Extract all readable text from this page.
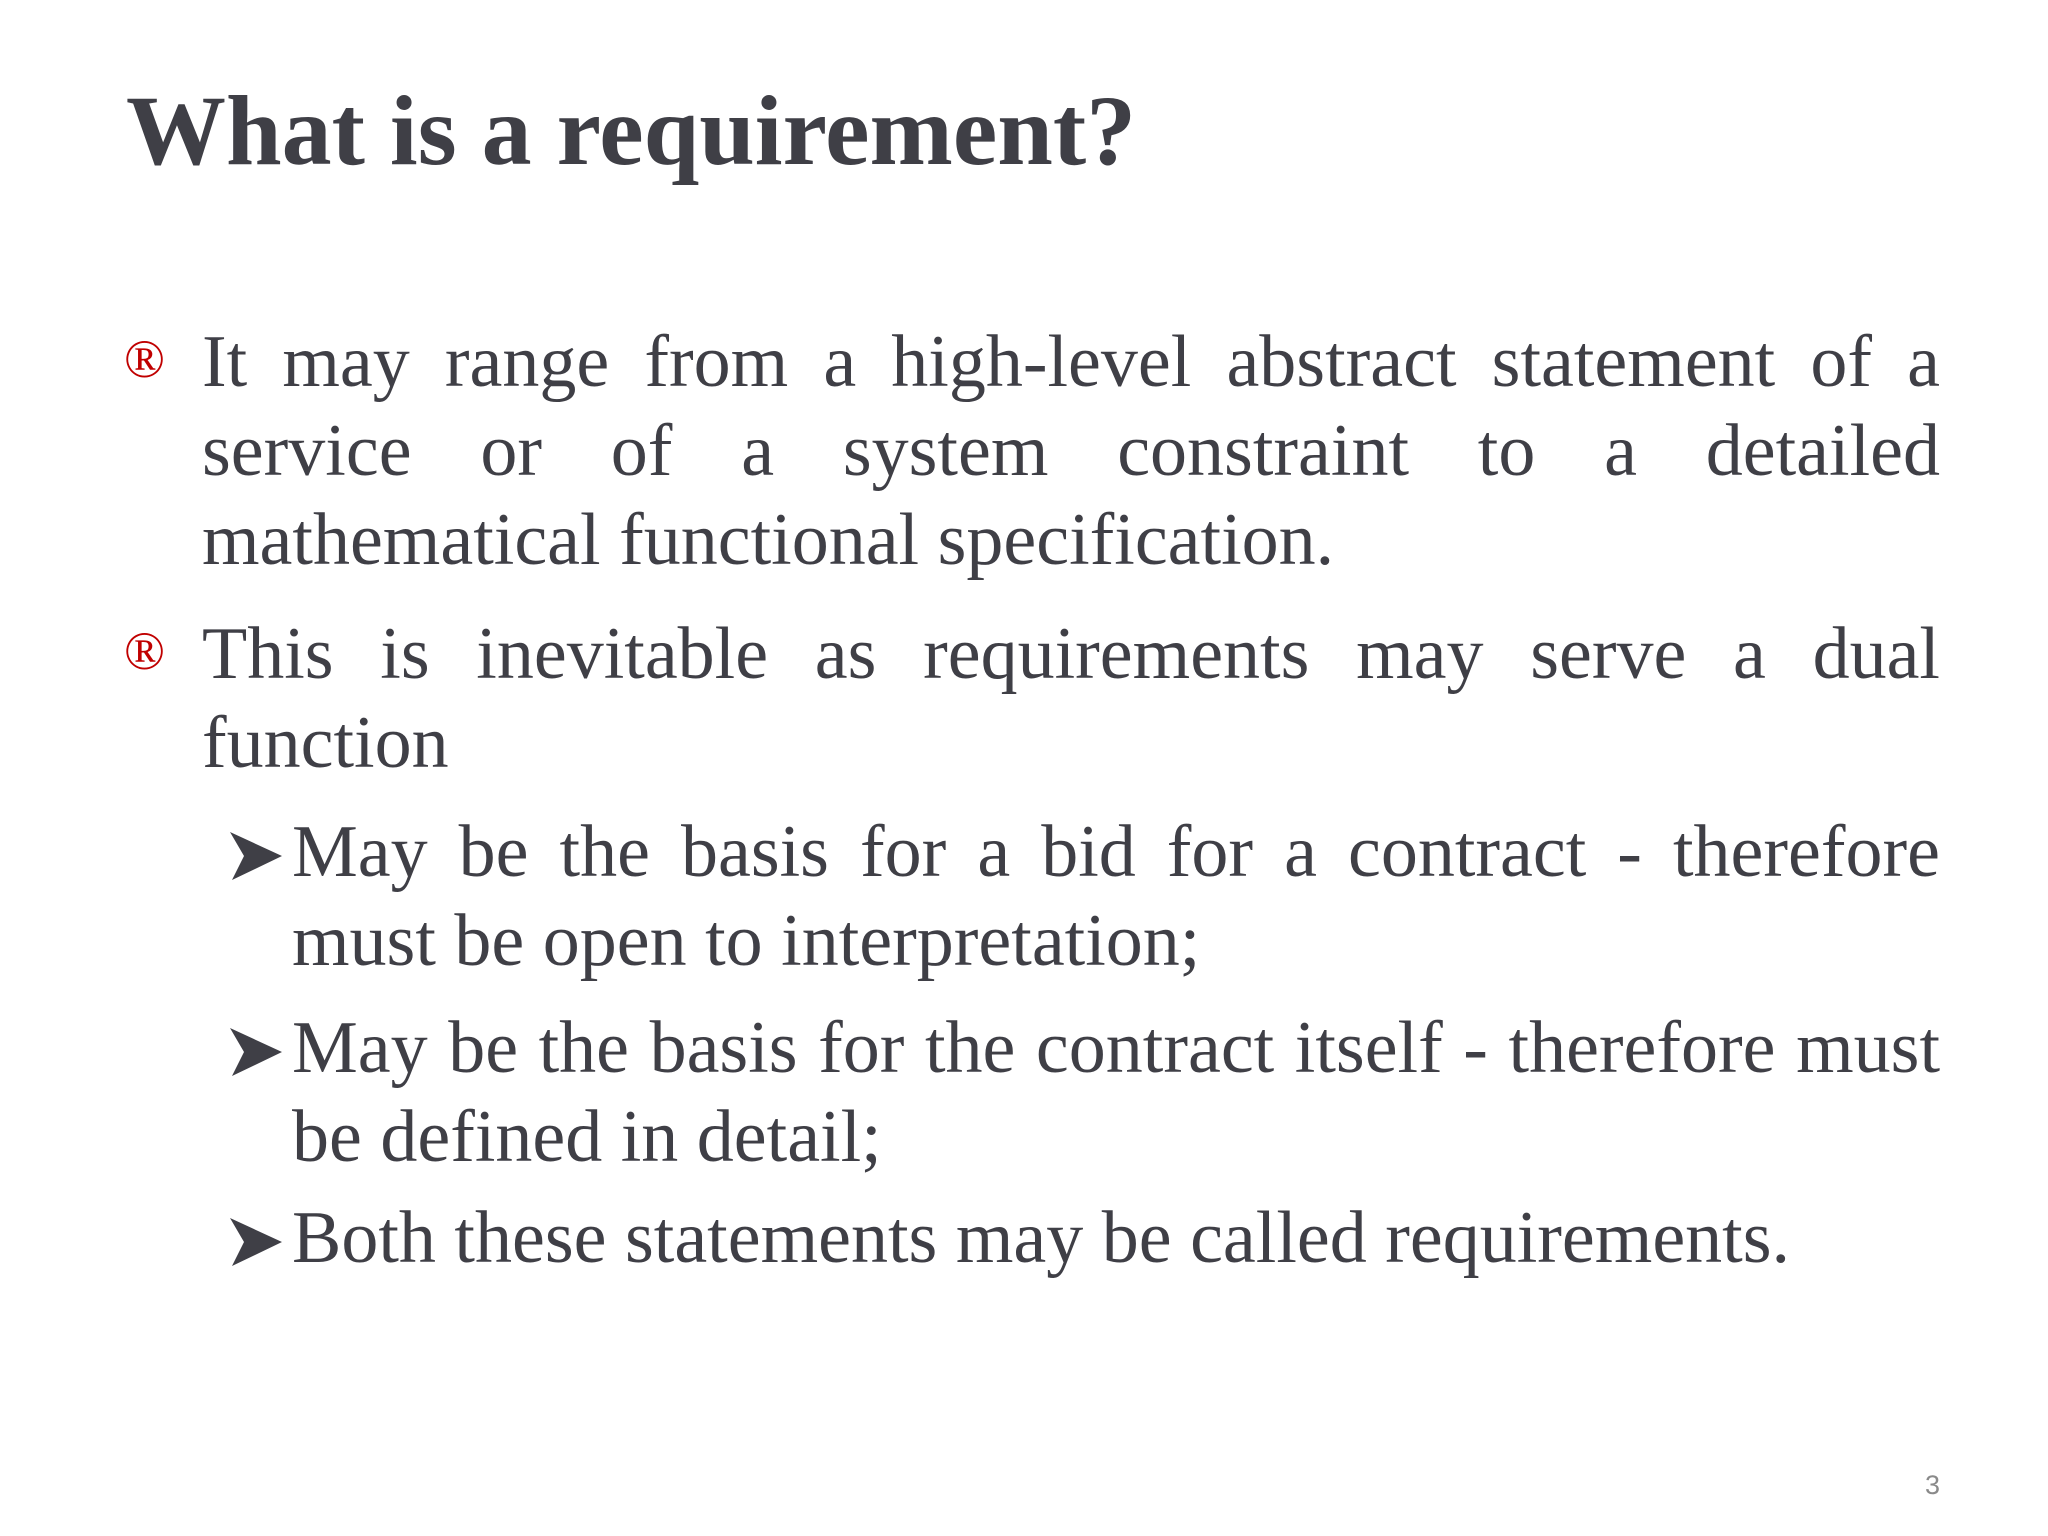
What is a requirement?
® It may range from a high-level abstract statement of a service or of a system constraint to a detailed mathematical functional specification.
® This is inevitable as requirements may serve a dual function
May be the basis for a bid for a contract - therefore must be open to interpretation;
May be the basis for the contract itself - therefore must be defined in detail;
Both these statements may be called requirements.
3
